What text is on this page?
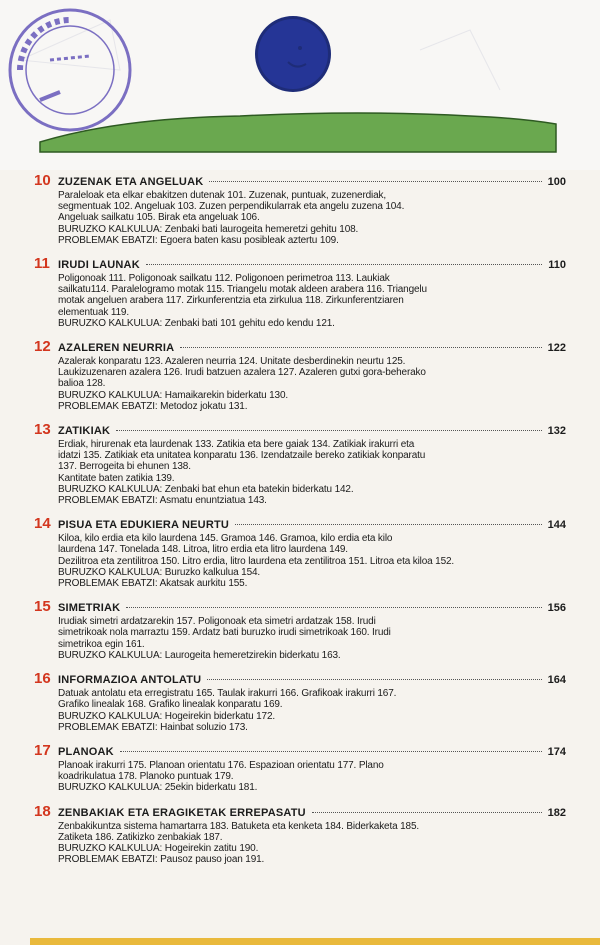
10 ZUZENAK ETA ANGELUAK	100
Paraleloak eta elkar ebakitzen dutenak 101. Zuzenak, puntuak, zuzenerdiak,
segmentuak 102. Angeluak 103. Zuzen perpendikularrak eta angelu zuzena 104.
Angeluak sailkatu 105. Birak eta angeluak 106.
BURUZKO KALKULUA: Zenbaki bati laurogeita hemeretzi gehitu 108.
PROBLEMAK EBATZI: Egoera baten kasu posibleak aztertu 109.
11 IRUDI LAUNAK	110
Poligonoak 111. Poligonoak sailkatu 112. Poligonoen perimetroa 113. Laukiak
sailkatu114. Paralelogramo motak 115. Triangelu motak aldeen arabera 116. Triangelu
motak angeluen arabera 117. Zirkunferentzia eta zirkulua 118. Zirkunferentziaren
elementuak 119.
BURUZKO KALKULUA: Zenbaki bati 101 gehitu edo kendu 121.
12 AZALEREN NEURRIA	122
Azalerak konparatu 123. Azaleren neurria 124. Unitate desberdinekin neurtu 125.
Laukizuzenaren azalera 126. Irudi batzuen azalera 127. Azaleren gutxi gora-beherako
balioa 128.
BURUZKO KALKULUA: Hamaikarekin biderkatu 130.
PROBLEMAK EBATZI: Metodoz jokatu 131.
13 ZATIKIAK	132
Erdiak, hirurenak eta laurdenak 133. Zatikia eta bere gaiak 134. Zatikiak irakurri eta
idatzi 135. Zatikiak eta unitatea konparatu 136. Izendatzaile bereko zatikiak konparatu
137. Berrogeita bi ehunen 138.
Kantitate baten zatikia 139.
BURUZKO KALKULUA: Zenbaki bat ehun eta batekin biderkatu 142.
PROBLEMAK EBATZI: Asmatu enuntziatua 143.
14 PISUA ETA EDUKIERA NEURTU	144
Kiloa, kilo erdia eta kilo laurdena 145. Gramoa 146. Gramoa, kilo erdia eta kilo
laurdena 147. Tonelada 148. Litroa, litro erdia eta litro laurdena 149.
Dezilitroa eta zentilitroa 150. Litro erdia, litro laurdena eta zentilitroa 151. Litroa eta kiloa 152.
BURUZKO KALKULUA: Buruzko kalkulua 154.
PROBLEMAK EBATZI: Akatsak aurkitu 155.
15 SIMETRIAK	156
Irudiak simetri ardatzarekin 157. Poligonoak eta simetri ardatzak 158. Irudi
simetrikoak nola marraztu 159. Ardatz bati buruzko irudi simetrikoak 160. Irudi
simetrikoa egin 161.
BURUZKO KALKULUA: Laurogeita hemeretzirekin biderkatu 163.
16 INFORMAZIOA ANTOLATU	164
Datuak antolatu eta erregistratu 165. Taulak irakurri 166. Grafikoak irakurri 167.
Grafiko linealak 168. Grafiko linealak konparatu 169.
BURUZKO KALKULUA: Hogeirekin biderkatu 172.
PROBLEMAK EBATZI: Hainbat soluzio 173.
17 PLANOAK	174
Planoak irakurri 175. Planoan orientatu 176. Espazioan orientatu 177. Plano
koadrikulatua 178. Planoko puntuak 179.
BURUZKO KALKULUA: 25ekin biderkatu 181.
18 ZENBAKIAK ETA ERAGIKETAK ERREPASATU	182
Zenbakikuntza sistema hamartarra 183. Batuketa eta kenketa 184. Biderkaketa 185.
Zatiketa 186. Zatikizko zenbakiak 187.
BURUZKO KALKULUA: Hogeirekin zatitu 190.
PROBLEMAK EBATZI: Pausoz pauso joan 191.
